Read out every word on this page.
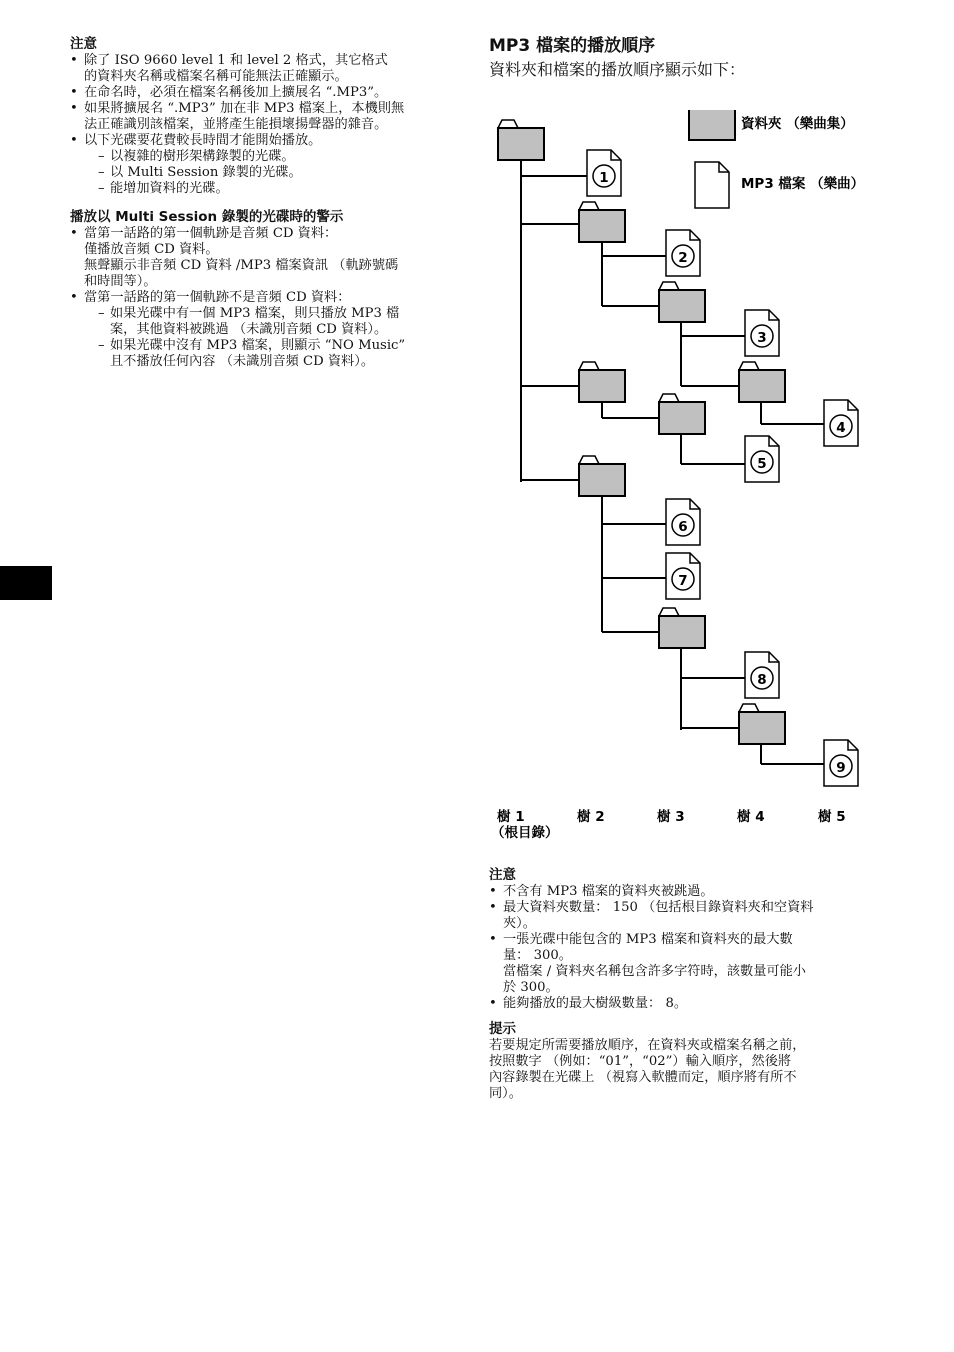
注意
• 除了 ISO 9660 level 1 和 level 2 格式，其它格式
的資料夾名稱或檔案名稱可能無法正確顯示。
• 在命名時，必須在檔案名稱後加上擴展名 “.MP3”。
• 如果將擴展名 “.MP3” 加在非 MP3 檔案上，本機則無
法正確識別該檔案，並將產生能損壞揚聲器的雜音。
• 以下光碟要花費較長時間才能開始播放。
– 以複雜的樹形架構錄製的光碟。
– 以 Multi Session 錄製的光碟。
– 能增加資料的光碟。
播放以 Multi Session 錄製的光碟時的警示
• 當第一話路的第一個軌跡是音頻 CD 資料：
僅播放音頻 CD 資料。
無聲顯示非音頻 CD 資料 /MP3 檔案資訊 （軌跡號碼
和時間等）。
• 當第一話路的第一個軌跡不是音頻 CD 資料：
– 如果光碟中有一個 MP3 檔案，則只播放 MP3 檔
案，其他資料被跳過 （未識別音頻 CD 資料）。
– 如果光碟中沒有 MP3 檔案，則顯示 “NO Music”
且不播放任何內容 （未識別音頻 CD 資料）。
MP3 檔案的播放順序
資料夾和檔案的播放順序顯示如下：
資料夾 （樂曲集）
MP3 檔案 （樂曲）
1
2
3
4
5
6
7
8
9
樹 1	樹 2	樹 3	樹 4	樹 5
（根目錄）
注意
• 不含有 MP3 檔案的資料夾被跳過。
• 最大資料夾數量： 150 （包括根目錄資料夾和空資料
夾）。
• 一張光碟中能包含的 MP3 檔案和資料夾的最大數
量： 300。
當檔案 / 資料夾名稱包含許多字符時，該數量可能小
於 300。
• 能夠播放的最大樹級數量： 8。
提示
若要規定所需要播放順序，在資料夾或檔案名稱之前，
按照數字 （例如：“01”，“02”）輸入順序，然後將
內容錄製在光碟上 （視寫入軟體而定，順序將有所不
同）。
